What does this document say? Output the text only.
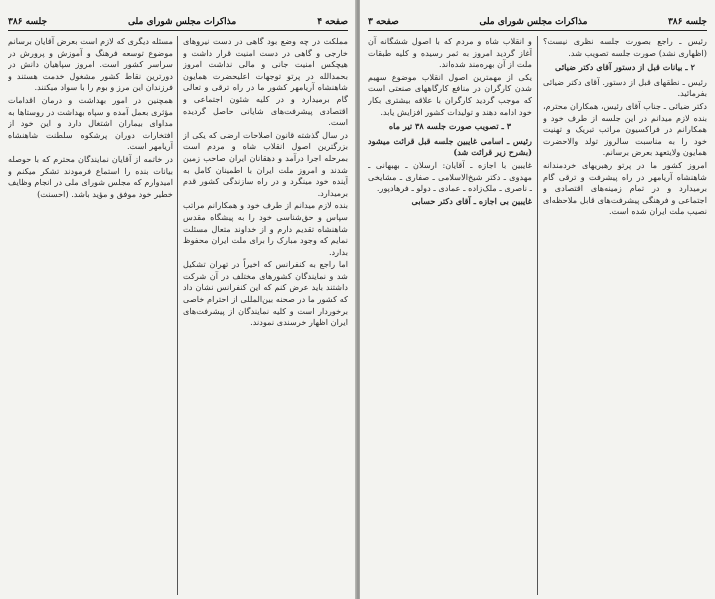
صفحه ۴
مذاکرات مجلس شورای ملی
جلسه ۳۸۶

مملکت در چه وضع بود گاهی در دست نیروهای خارجی و گاهی در دست امنیت قرار داشت و هیچکس امنیت جانی و مالی نداشت امروز بحمدالله در پرتو توجهات اعلیحضرت همایون شاهنشاه آریامهر کشور ما در راه ترقی و تعالی گام برمیدارد و در کلیه شئون اجتماعی و اقتصادی پیشرفت‌های شایانی حاصل گردیده است.

در سال گذشته قانون اصلاحات ارضی که یکی از بزرگترین اصول انقلاب شاه و مردم است بمرحله اجرا درآمد و دهقانان ایران صاحب زمین شدند و امروز ملت ایران با اطمینان کامل به آینده خود مینگرد و در راه سازندگی کشور قدم برمیدارد.

بنده لازم میدانم از طرف خود و همکارانم مراتب سپاس و حق‌شناسی خود را به پیشگاه مقدس شاهنشاه تقدیم دارم و از خداوند متعال مسئلت نمایم که وجود مبارک را برای ملت ایران محفوظ بدارد.

اما راجع به کنفرانس که اخیراً در تهران تشکیل شد و نمایندگان کشورهای مختلف در آن شرکت داشتند باید عرض کنم که این کنفرانس نشان داد که کشور ما در صحنه بین‌المللی از احترام خاصی برخوردار است و کلیه نمایندگان از پیشرفت‌های ایران اظهار خرسندی نمودند.

مسئله دیگری که لازم است بعرض آقایان برسانم موضوع توسعه فرهنگ و آموزش و پرورش در سراسر کشور است. امروز سپاهیان دانش در دورترین نقاط کشور مشغول خدمت هستند و فرزندان این مرز و بوم را با سواد میکنند.

همچنین در امور بهداشت و درمان اقدامات مؤثری بعمل آمده و سپاه بهداشت در روستاها به مداوای بیماران اشتغال دارد و این خود از افتخارات دوران پرشکوه سلطنت شاهنشاه آریامهر است.

در خاتمه از آقایان نمایندگان محترم که با حوصله بیانات بنده را استماع فرمودند تشکر میکنم و امیدوارم که مجلس شورای ملی در انجام وظایف خطیر خود موفق و مؤید باشد. (احسنت)

جلسه ۳۸۶
مذاکرات مجلس شورای ملی
صفحه ۳

رئیس ـ راجع بصورت جلسه نظری نیست؟ (اظهاری نشد) صورت جلسه تصویب شد.

۲ ـ بیانات قبل از دستور آقای دکتر ضیائی

رئیس ـ نطقهای قبل از دستور. آقای دکتر ضیائی بفرمائید.

دکتر ضیائی ـ جناب آقای رئیس، همکاران محترم، بنده لازم میدانم در این جلسه از طرف خود و همکارانم در فراکسیون مراتب تبریک و تهنیت خود را به مناسبت سالروز تولد والاحضرت همایون ولایتعهد بعرض برسانم.

امروز کشور ما در پرتو رهبریهای خردمندانه شاهنشاه آریامهر در راه پیشرفت و ترقی گام برمیدارد و در تمام زمینه‌های اقتصادی و اجتماعی و فرهنگی پیشرفت‌های قابل ملاحظه‌ای نصیب ملت ایران شده است.

و انقلاب شاه و مردم که با اصول ششگانه آن آغاز گردید امروز به ثمر رسیده و کلیه طبقات ملت از آن بهره‌مند شده‌اند.

یکی از مهمترین اصول انقلاب موضوع سهیم شدن کارگران در منافع کارگاههای صنعتی است که موجب گردید کارگران با علاقه بیشتری بکار خود ادامه دهند و تولیدات کشور افزایش یابد.

۳ ـ تصویب صورت جلسه ۳۸ تیر ماه

رئیس ـ اسامی غایبین جلسه قبل قرائت میشود (بشرح زیر قرائت شد)

غایبین با اجازه ـ آقایان: ارسلان ـ بهبهانی ـ مهدوی ـ دکتر شیخ‌الاسلامی ـ صفاری ـ مشایخی ـ ناصری ـ ملک‌زاده ـ عمادی ـ دولو ـ فرهادپور.

غایبین بی اجازه ـ آقای دکتر حسابی
